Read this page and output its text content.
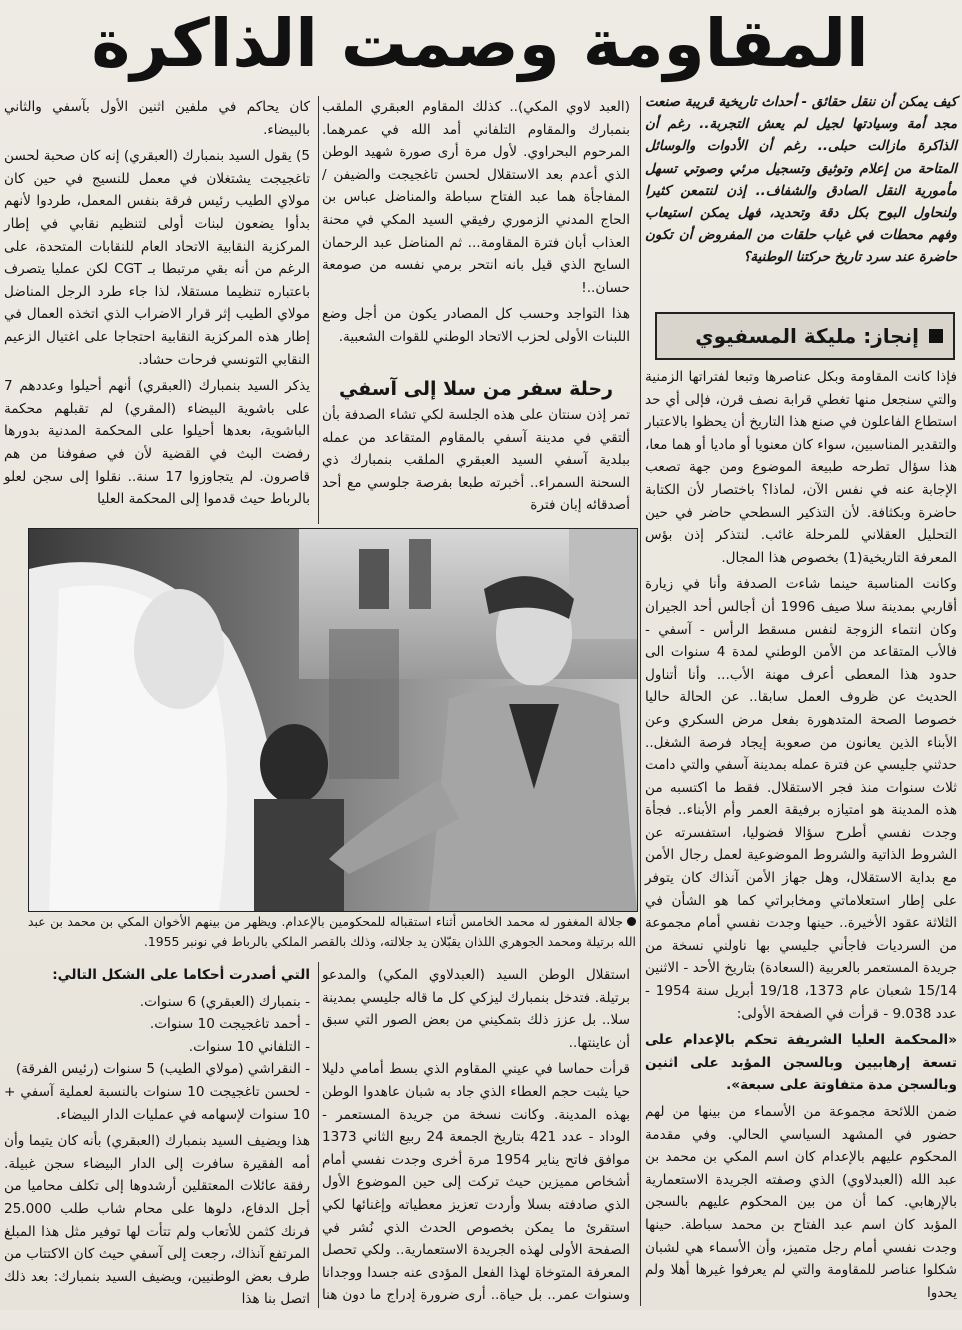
المقاومة وصمت الذاكرة
كيف يمكن أن ننقل حقائق - أحداث تاريخية قريبة صنعت مجد أمة وسيادتها لجيل لم يعش التجربة.. رغم أن الذاكرة مازالت حبلى.. رغم أن الأدوات والوسائل المتاحة من إعلام وتوثيق وتسجيل مرئي وصوتي تسهل مأمورية النقل الصادق والشفاف.. إذن لنتمعن كثيرا ولنحاول البوح بكل دقة وتحديد، فهل يمكن استيعاب وفهم محطات في غياب حلقات من المفروض أن تكون حاضرة عند سرد تاريخ حركتنا الوطنية؟
إنجاز: مليكة المسفيوي

فإذا كانت المقاومة وبكل عناصرها وتبعا لفتراتها الزمنية والتي سنجعل منها تغطي قرابة نصف قرن، فإلى أي حد استطاع الفاعلون في صنع هذا التاريخ أن يحظوا بالاعتبار والتقدير المناسبين، سواء كان معنويا أو ماديا أو هما معا، هذا سؤال تطرحه طبيعة الموضوع ومن جهة تصعب الإجابة عنه في نفس الآن، لماذا؟ باختصار لأن الكتابة حاضرة وبكثافة. لأن التذكير السطحي حاضر في حين التحليل العقلاني للمرحلة غائب. لنتذكر إذن بؤس المعرفة التاريخية(1) بخصوص هذا المجال.

وكانت المناسبة حينما شاءت الصدفة وأنا في زيارة أقاربي بمدينة سلا صيف 1996 أن أجالس أحد الجيران وكان انتماء الزوجة لنفس مسقط الرأس - آسفي - فالأب المتقاعد من الأمن الوطني لمدة 4 سنوات الى حدود هذا المعطى أعرف مهنة الأب... وأنا أتناول الحديث عن ظروف العمل سابقا.. عن الحالة حاليا خصوصا الصحة المتدهورة بفعل مرض السكري وعن الأبناء الذين يعانون من صعوبة إيجاد فرصة الشغل.. حدثني جليسي عن فترة عمله بمدينة آسفي والتي دامت ثلاث سنوات منذ فجر الاستقلال. فقط ما اكتسبه من هذه المدينة هو امتيازه برفيقة العمر وأم الأبناء.. فجأة وجدت نفسي أطرح سؤالا فضوليا، استفسرته عن الشروط الذاتية والشروط الموضوعية لعمل رجال الأمن مع بداية الاستقلال، وهل جهاز الأمن آنذاك كان يتوفر على إطار استعلاماتي ومخابراتي كما هو الشأن في الثلاثة عقود الأخيرة.. حينها وجدت نفسي أمام مجموعة من السرديات فاجأني جليسي بها ناولني نسخة من جريدة المستعمر بالعربية (السعادة) بتاريخ الأحد - الاثنين 15/14 شعبان عام 1373، 19/18 أبريل سنة 1954 - عدد 9.038 - قرأت في الصفحة الأولى:

«المحكمة العليا الشريفة تحكم بالإعدام على تسعة إرهابيين وبالسجن المؤبد على اثنين وبالسجن مدة متفاوتة على سبعة».

ضمن اللائحة مجموعة من الأسماء من بينها من لهم حضور في المشهد السياسي الحالي. وفي مقدمة المحكوم عليهم بالإعدام كان اسم المكي بن محمد بن عبد الله (العبدلاوي) الذي وصفته الجريدة الاستعمارية بالإرهابي. كما أن من بين المحكوم عليهم بالسجن المؤبد كان اسم عبد الفتاح بن محمد سباطة. حينها وجدت نفسي أمام رجل متميز، وأن الأسماء هي لشبان شكلوا عناصر للمقاومة والتي لم يعرفوا غيرها أهلا ولم يحدوا

(العبد لاوي المكي).. كذلك المقاوم العبقري الملقب بنمبارك والمقاوم التلفاني أمد الله في عمرهما. المرحوم البحراوي. لأول مرة أرى صورة شهيد الوطن الذي أعدم بعد الاستقلال لحسن تاغجيجت والضيفن / المفاجأة هما عبد الفتاح سباطة والمناضل عباس بن الحاج المدني الزموري رفيقي السيد المكي في محنة العذاب أبان فترة المقاومة... ثم المناضل عبد الرحمان السايح الذي قيل بانه انتحر برمي نفسه من صومعة حسان..!

هذا التواجد وحسب كل المصادر يكون من أجل وضع اللبنات الأولى لحزب الاتحاد الوطني للقوات الشعبية.

رحلة سفر من سلا إلى آسفي

تمر إذن سنتان على هذه الجلسة لكي تشاء الصدفة بأن ألتقي في مدينة آسفي بالمقاوم المتقاعد من عمله ببلدية آسفي السيد العبقري الملقب بنمبارك ذي السحنة السمراء.. أخبرته طبعا بفرصة جلوسي مع أحد أصدقائه إبان فترة

كان يحاكم في ملفين اثنين الأول بآسفي والثاني بالبيضاء.

5) يقول السيد بنمبارك (العبقري) إنه كان صحبة لحسن تاغجيجت يشتغلان في معمل للنسيج في حين كان مولاي الطيب رئيس فرقة بنفس المعمل، طردوا لأنهم بدأوا يضعون لبنات أولى لتنظيم نقابي في إطار المركزية النقابية الاتحاد العام للنقابات المتحدة، على الرغم من أنه بقي مرتبطا بـ CGT لكن عمليا يتصرف باعتباره تنظيما مستقلا، لذا جاء طرد الرجل المناضل مولاي الطيب إثر قرار الاضراب الذي اتخذه العمال في إطار هذه المركزية النقابية احتجاجا على اغتيال الزعيم النقابي التونسي فرحات حشاد.

يذكر السيد بنمبارك (العبقري) أنهم أحيلوا وعددهم 7 على باشوية البيضاء (المقري) لم تقبلهم محكمة الباشوية، بعدها أحيلوا على المحكمة المدنية بدورها رفضت البث في القضية لأن في صفوفنا من هم قاصرون. لم يتجاوزوا 17 سنة.. نقلوا إلى سجن لعلو بالرباط حيث قدموا إلى المحكمة العليا

جلالة المغفور له محمد الخامس أثناء استقباله للمحكومين بالإعدام. ويظهر من بينهم الأخوان المكي بن محمد بن عبد الله برتيلة ومحمد الجوهري اللذان يقبّلان يد جلالته، وذلك بالقصر الملكي بالرباط في نونبر 1955.

استقلال الوطن السيد (العبدلاوي المكي) والمدعو برتيلة. فتدخل بنمبارك ليزكي كل ما قاله جليسي بمدينة سلا.. بل عزز ذلك بتمكيني من بعض الصور التي سبق أن عاينتها..

قرأت حماسا في عيني المقاوم الذي بسط أمامي دليلا حيا يثبت حجم العطاء الذي جاد به شبان عاهدوا الوطن بهذه المدينة. وكانت نسخة من جريدة المستعمر - الوداد - عدد 421 بتاريخ الجمعة 24 ربيع الثاني 1373 موافق فاتح يناير 1954 مرة أخرى وجدت نفسي أمام أشخاص مميزين حيث تركت إلى حين الموضوع الأول الذي صادفته بسلا وأردت تعزيز معطياته وإغنائها لكي استقرئ ما يمكن بخصوص الحدث الذي نُشر في الصفحة الأولى لهذه الجريدة الاستعمارية.. ولكي تحصل المعرفة المتوخاة لهذا الفعل المؤدى عنه جسدا ووجدانا وسنوات عمر.. بل حياة.. أرى ضرورة إدراج ما دون هنا

التي أصدرت أحكاما على الشكل التالي:

- بنمبارك (العبقري) 6 سنوات.

- أحمد تاغجيجت 10 سنوات.

- التلفاني 10 سنوات.

- النقراشي (مولاي الطيب) 5 سنوات (رئيس الفرقة)

- لحسن تاغجيجت 10 سنوات بالنسبة لعملية آسفي + 10 سنوات لإسهامه في عمليات الدار البيضاء.

هذا ويضيف السيد بنمبارك (العبقري) بأنه كان يتيما وأن أمه الفقيرة سافرت إلى الدار البيضاء سجن غبيلة. رفقة عائلات المعتقلين أرشدوها إلى تكلف محاميا من أجل الدفاع، دلوها على محام شاب طلب 25.000 فرنك كثمن للأتعاب ولم تتأت لها توفير مثل هذا المبلغ المرتفع آنذاك، رجعت إلى آسفي حيث كان الاكتتاب من طرف بعض الوطنيين، ويضيف السيد بنمبارك: بعد ذلك اتصل بنا هذا
